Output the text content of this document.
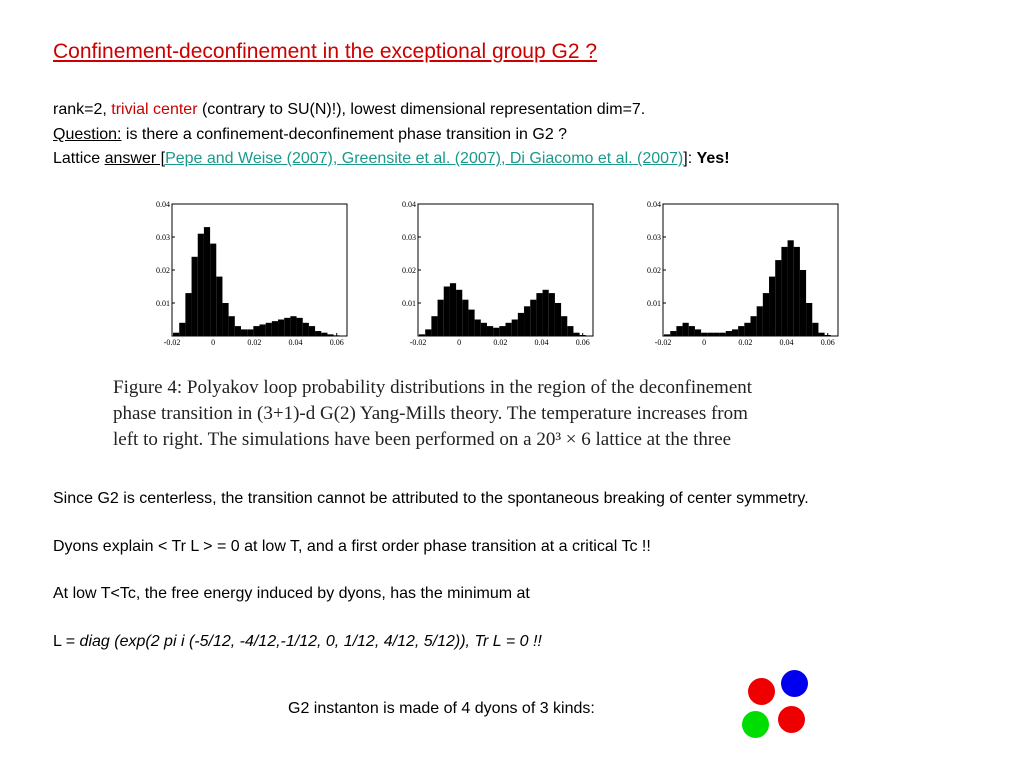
Confinement-deconfinement in the exceptional group G2 ?
rank=2, trivial center (contrary to SU(N)!), lowest dimensional representation dim=7.
Question: is there a confinement-deconfinement phase transition in G2 ?
Lattice answer [Pepe and Weise (2007), Greensite et al. (2007), Di Giacomo et al. (2007)]: Yes!
-0.02	0	0.02	0.04	0.06
0.01
0.02
0.03
0.04
-0.02	0	0.02	0.04	0.06
0.01
0.02
0.03
0.04
-0.02	0	0.02	0.04	0.06
0.01
0.02
0.03
0.04
Figure 4: Polyakov loop probability distributions in the region of the deconfinement
phase transition in (3+1)-d G(2) Yang-Mills theory. The temperature increases from
left to right. The simulations have been performed on a 20³ × 6 lattice at the three
Since G2 is centerless, the transition cannot be attributed to the spontaneous breaking of center symmetry.
Dyons explain < Tr L > = 0 at low T, and a first order phase transition at a critical Tc !!
At low T<Tc, the free energy induced by dyons, has the minimum at
L = diag (exp(2 pi i (-5/12, -4/12,-1/12, 0, 1/12, 4/12, 5/12)), Tr L = 0 !!
G2 instanton is made of 4 dyons of 3 kinds:
